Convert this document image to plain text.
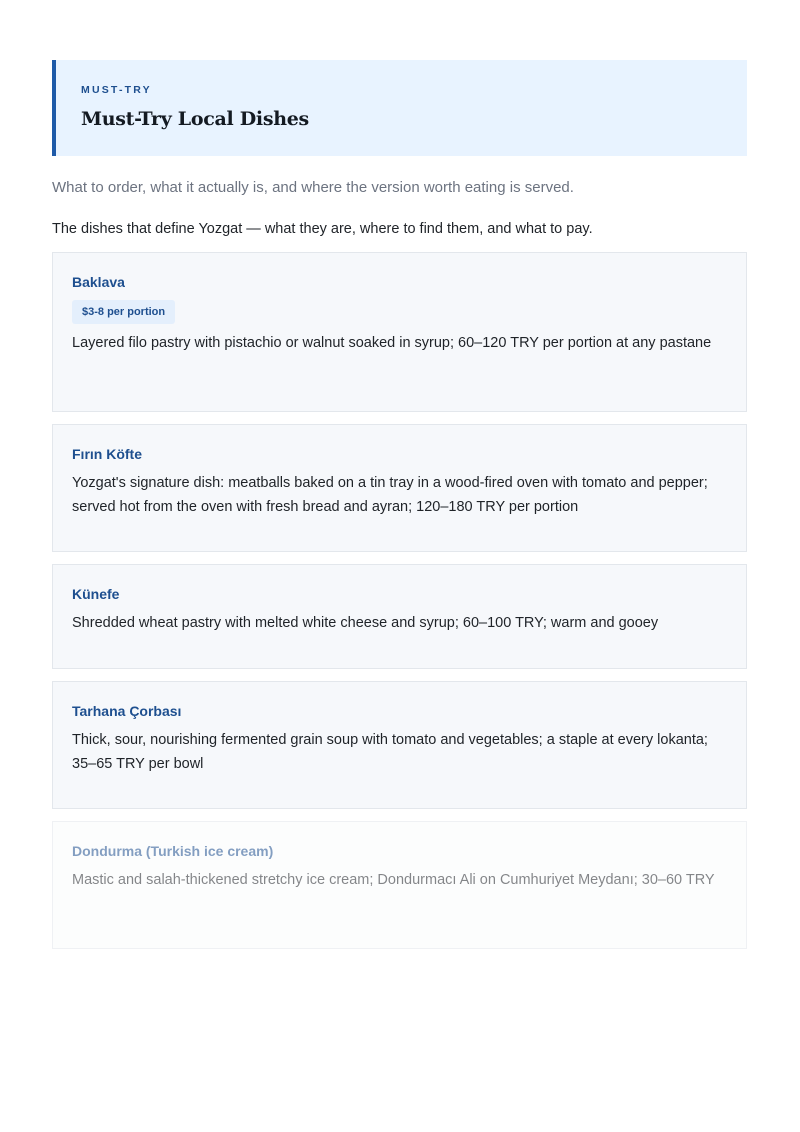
MUST-TRY

Must-Try Local Dishes

What to order, what it actually is, and where the version worth eating is served.

The dishes that define Yozgat — what they are, where to find them, and what to pay.

Baklava

$3-8 per portion

Layered filo pastry with pistachio or walnut soaked in syrup; 60–120 TRY per portion at any pastane

Fırın Köfte

Yozgat's signature dish: meatballs baked on a tin tray in a wood-fired oven with tomato and pepper; served hot from the oven with fresh bread and ayran; 120–180 TRY per portion

Künefe

Shredded wheat pastry with melted white cheese and syrup; 60–100 TRY; warm and gooey

Tarhana Çorbası

Thick, sour, nourishing fermented grain soup with tomato and vegetables; a staple at every lokanta; 35–65 TRY per bowl

Dondurma (Turkish ice cream)

Mastic and salah-thickened stretchy ice cream; Dondurmacı Ali on Cumhuriyet Meydanı; 30–60 TRY
